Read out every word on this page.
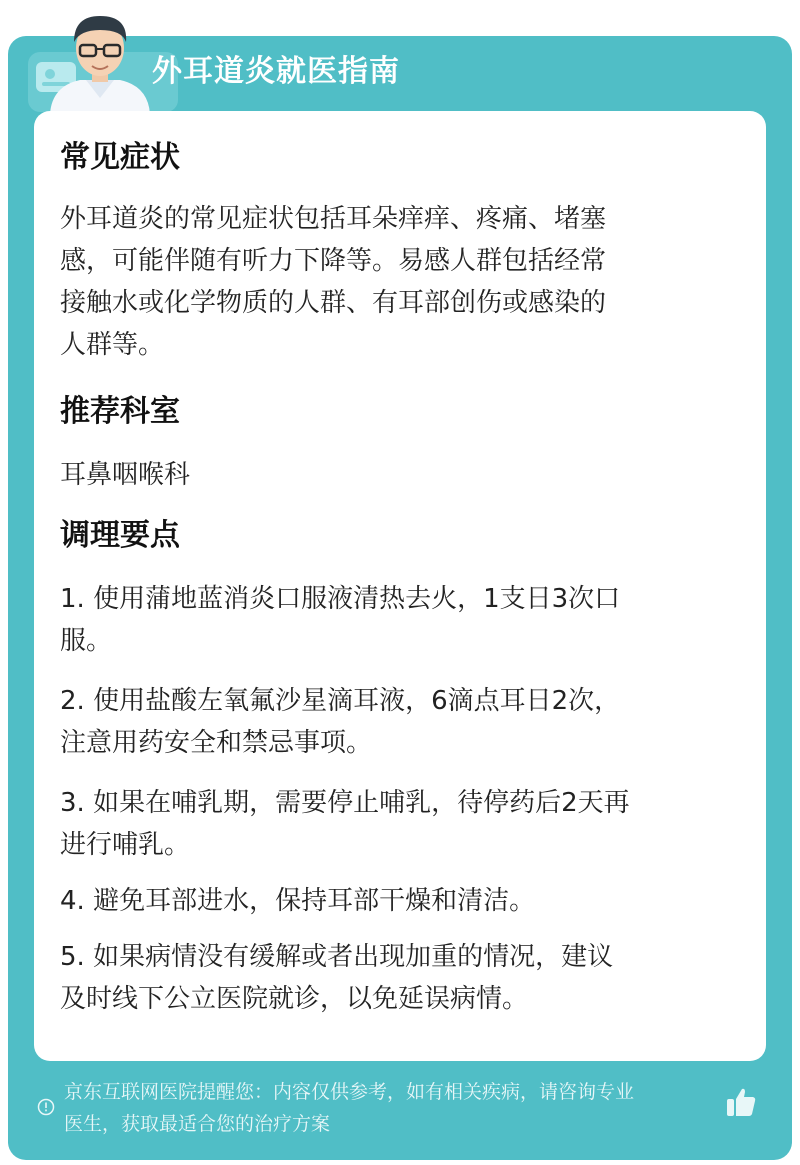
外耳道炎就医指南
常见症状
外耳道炎的常见症状包括耳朵痒痒、疼痛、堵塞
感，可能伴随有听力下降等。易感人群包括经常
接触水或化学物质的人群、有耳部创伤或感染的
人群等。
推荐科室
耳鼻咽喉科
调理要点
1. 使用蒲地蓝消炎口服液清热去火，1支日3次口
服。
2. 使用盐酸左氧氟沙星滴耳液，6滴点耳日2次，
注意用药安全和禁忌事项。
3. 如果在哺乳期，需要停止哺乳，待停药后2天再
进行哺乳。
4. 避免耳部进水，保持耳部干燥和清洁。
5. 如果病情没有缓解或者出现加重的情况，建议
及时线下公立医院就诊，以免延误病情。
京东互联网医院提醒您：内容仅供参考，如有相关疾病，请咨询专业
医生，获取最适合您的治疗方案
